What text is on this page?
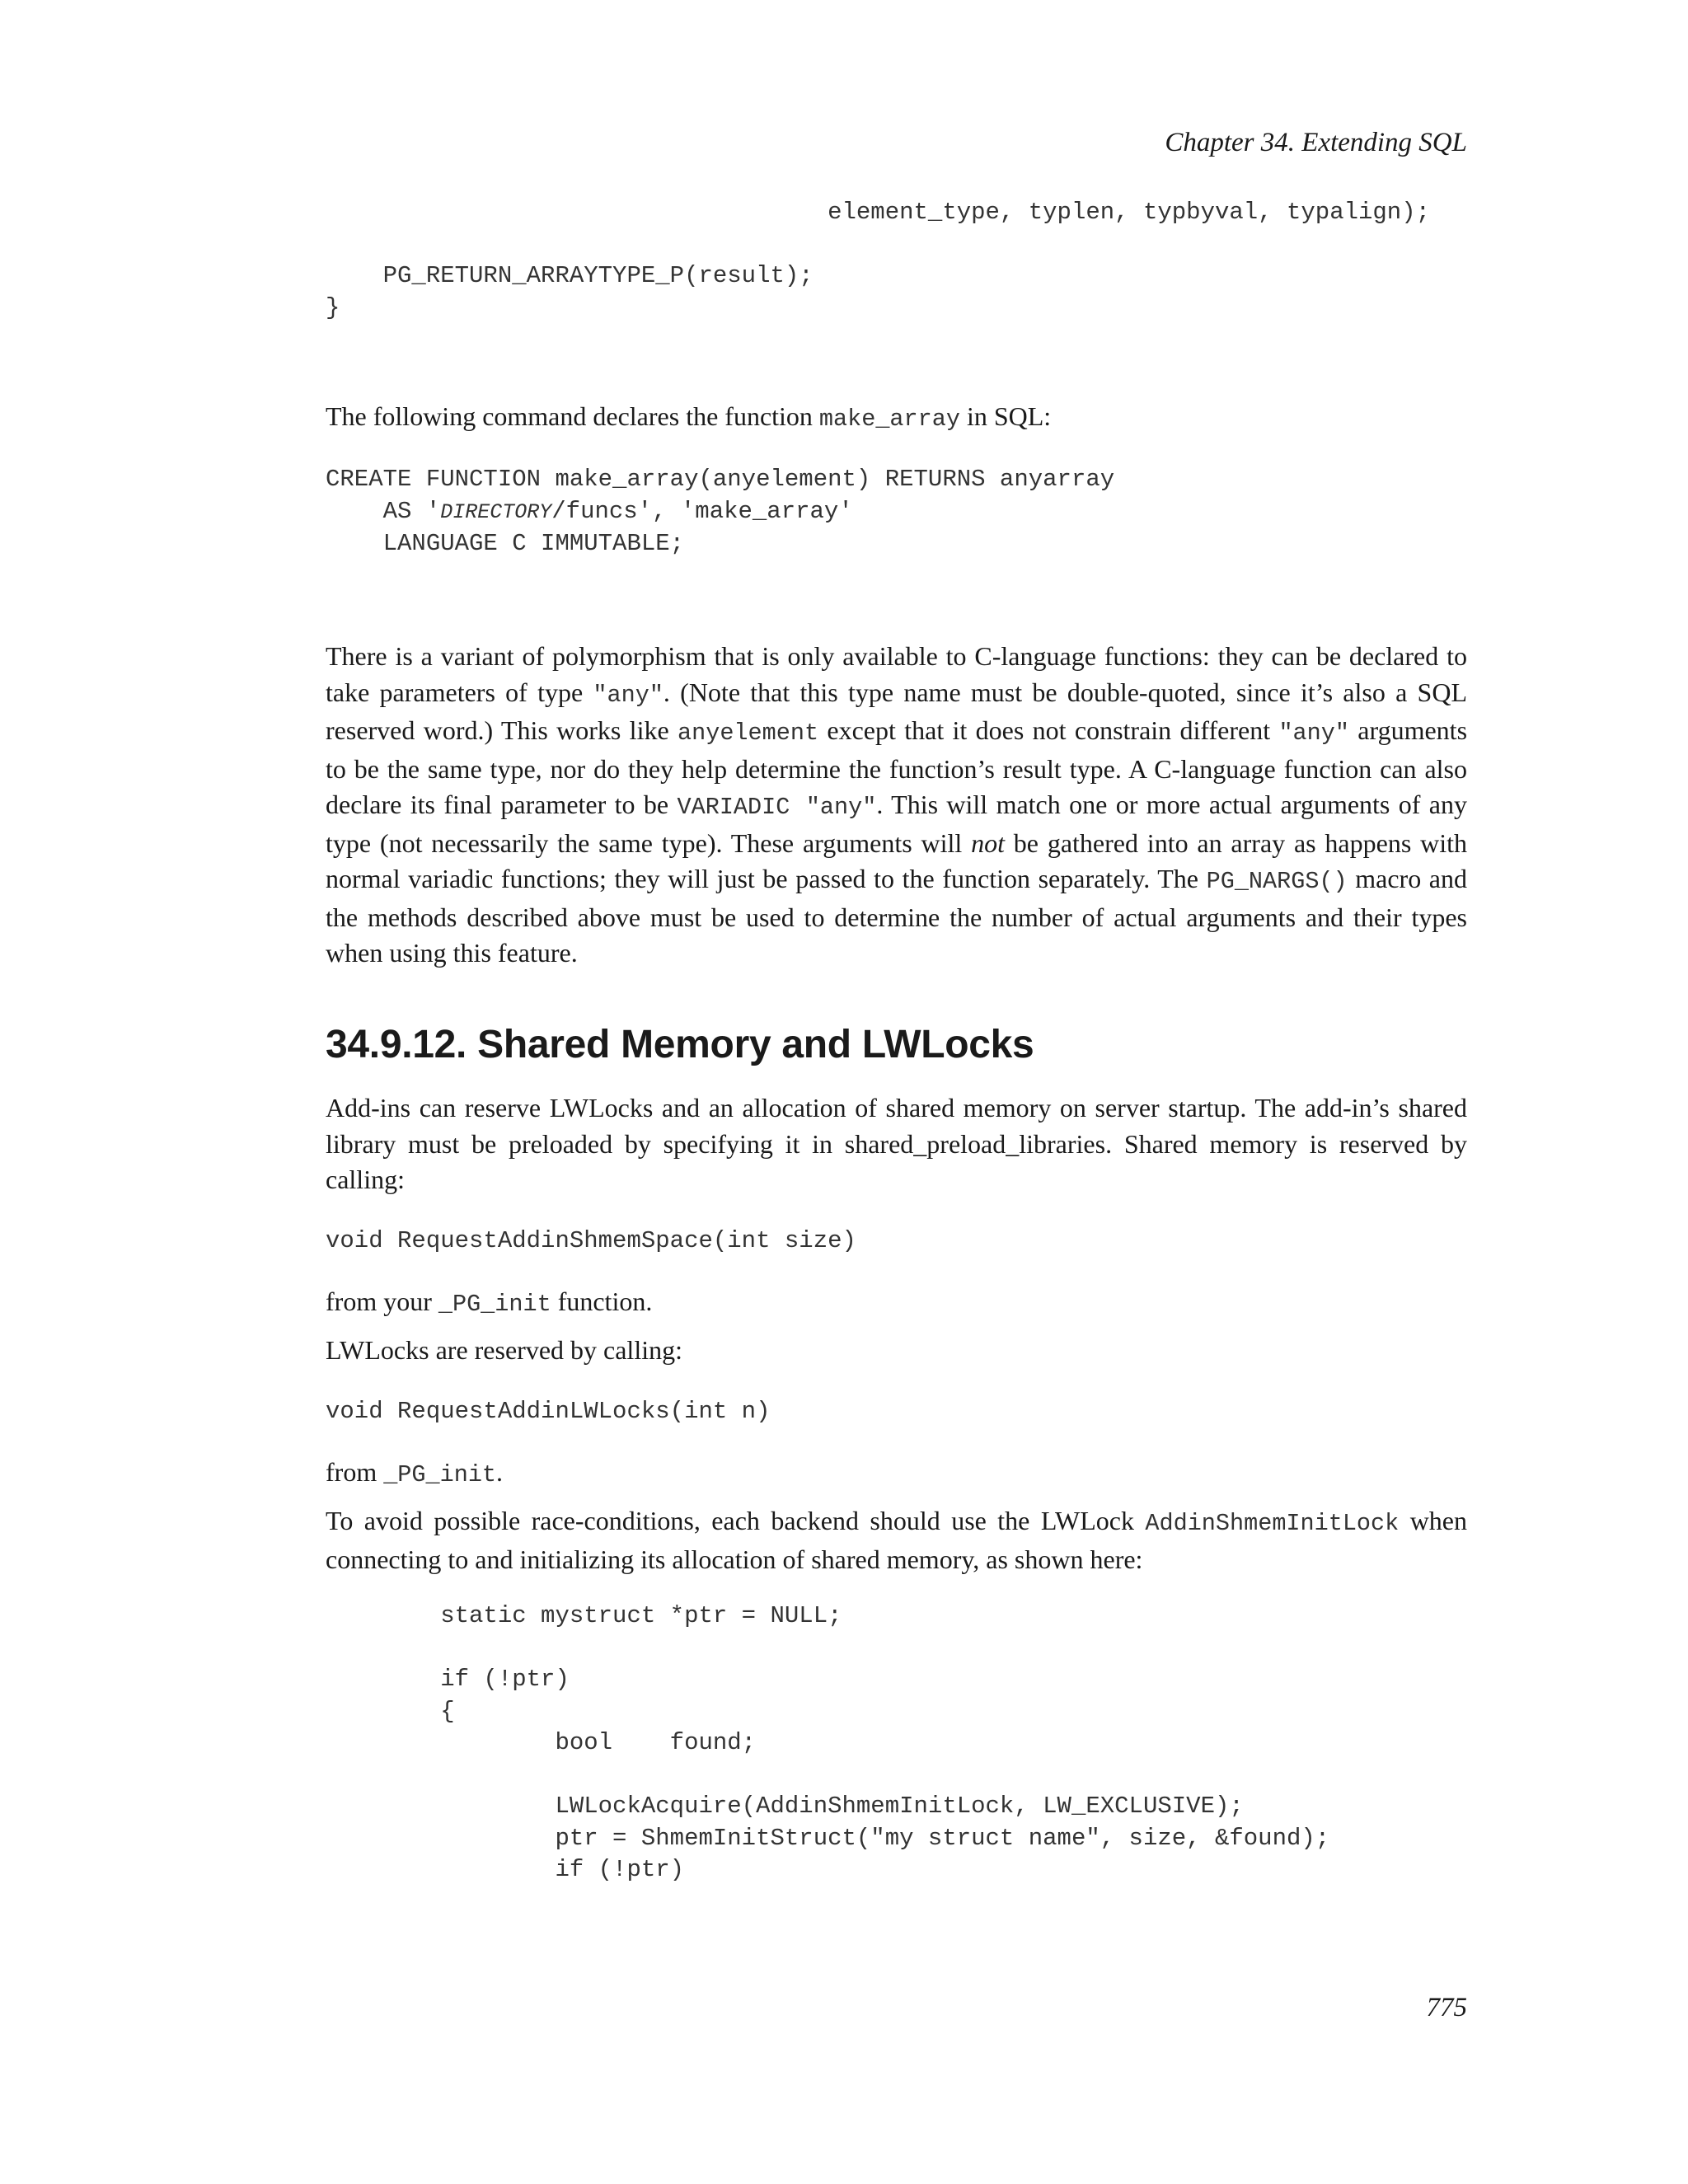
Chapter 34. Extending SQL
element_type, typlen, typbyval, typalign);

PG_RETURN_ARRAYTYPE_P(result);
}

The following command declares the function make_array in SQL:

CREATE FUNCTION make_array(anyelement) RETURNS anyarray
AS 'DIRECTORY/funcs', 'make_array'
LANGUAGE C IMMUTABLE;

There is a variant of polymorphism that is only available to C-language functions: they can be declared to take parameters of type "any". (Note that this type name must be double-quoted, since it’s also a SQL reserved word.) This works like anyelement except that it does not constrain different "any" arguments to be the same type, nor do they help determine the function’s result type. A C-language function can also declare its final parameter to be VARIADIC "any". This will match one or more actual arguments of any type (not necessarily the same type). These arguments will not be gathered into an array as happens with normal variadic functions; they will just be passed to the function separately. The PG_NARGS() macro and the methods described above must be used to determine the number of actual arguments and their types when using this feature.

34.9.12. Shared Memory and LWLocks

Add-ins can reserve LWLocks and an allocation of shared memory on server startup. The add-in’s shared library must be preloaded by specifying it in shared_preload_libraries. Shared memory is reserved by calling:

void RequestAddinShmemSpace(int size)

from your _PG_init function.

LWLocks are reserved by calling:

void RequestAddinLWLocks(int n)

from _PG_init.

To avoid possible race-conditions, each backend should use the LWLock AddinShmemInitLock when connecting to and initializing its allocation of shared memory, as shown here:

static mystruct *ptr = NULL;

if (!ptr)
{
bool    found;

LWLockAcquire(AddinShmemInitLock, LW_EXCLUSIVE);
ptr = ShmemInitStruct("my struct name", size, &found);
if (!ptr)
775
